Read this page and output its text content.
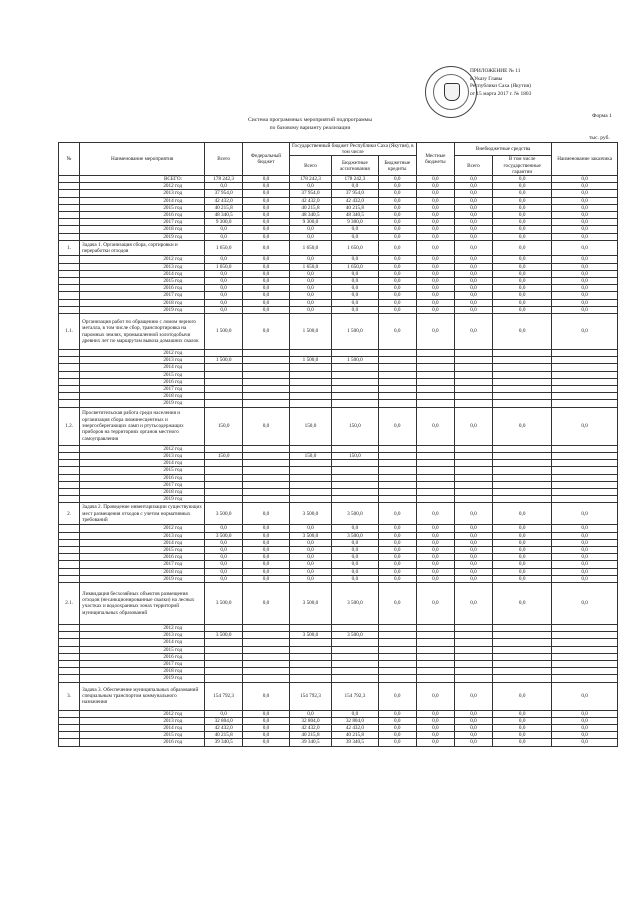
ПРИЛОЖЕНИЕ № 11
к Указу Главы
Республики Саха (Якутия)
от 15 марта 2017 г. № 1803
Форма 1
Система программных мероприятий подпрограммы
по базовому варианту реализации
тыс. руб.
№	Наименование мероприятия	Всего	Федеральный бюджет	Государственный бюджет Республики Саха (Якутия), в том числе			Местные бюджеты	Внебюджетные средства		Наименование заказчика
				Всего	Бюджетные ассигнования	Бюджетные кредиты		Всего	В том числе государственные гарантии	
	ВСЕГО:	178 242,3	0,0	178 242,3	178 242,3	0,0	0,0	0,0	0,0	0,0
	2012 год	0,0	0,0	0,0	0,0	0,0	0,0	0,0	0,0	0,0
	2013 год	37 954,0	0,0	37 954,0	37 954,0	0,0	0,0	0,0	0,0	0,0
	2014 год	42 432,0	0,0	42 432,0	42 432,0	0,0	0,0	0,0	0,0	0,0
	2015 год	40 215,8	0,0	40 215,8	40 215,8	0,0	0,0	0,0	0,0	0,0
	2016 год	48 340,5	0,0	48 340,5	48 340,5	0,0	0,0	0,0	0,0	0,0
	2017 год	9 300,0	0,0	9 300,0	9 300,0	0,0	0,0	0,0	0,0	0,0
	2018 год	0,0	0,0	0,0	0,0	0,0	0,0	0,0	0,0	0,0
	2019 год	0,0	0,0	0,0	0,0	0,0	0,0	0,0	0,0	0,0
1.	Задача 1. Организация сбора, сортировки и переработки отходов	1 650,0	0,0	1 650,0	1 650,0	0,0	0,0	0,0	0,0	0,0
	2012 год	0,0	0,0	0,0	0,0	0,0	0,0	0,0	0,0	0,0
	2013 год	1 650,0	0,0	1 650,0	1 650,0	0,0	0,0	0,0	0,0	0,0
	2014 год	0,0	0,0	0,0	0,0	0,0	0,0	0,0	0,0	0,0
	2015 год	0,0	0,0	0,0	0,0	0,0	0,0	0,0	0,0	0,0
	2016 год	0,0	0,0	0,0	0,0	0,0	0,0	0,0	0,0	0,0
	2017 год	0,0	0,0	0,0	0,0	0,0	0,0	0,0	0,0	0,0
	2018 год	0,0	0,0	0,0	0,0	0,0	0,0	0,0	0,0	0,0
	2019 год	0,0	0,0	0,0	0,0	0,0	0,0	0,0	0,0	0,0
1.1.	Организация работ по обращению с ломом черного металла, в том числе сбор, транспортировка на паромных землях, промышленной золотодобычи древних лет по маршрутам вывоза домашних свалок	1 500,0	0,0	1 500,0	1 500,0	0,0	0,0	0,0	0,0	0,0
	2012 год									
	2013 год	1 500,0		1 500,0	1 500,0					
	2014 год									
	2015 год									
	2016 год									
	2017 год									
	2018 год									
	2019 год									
1.2.	Просветительская работа среди населения и организация сбора люминесцентных и энергосберегающих ламп и ртутьсодержащих приборов на территориях органов местного самоуправления	150,0	0,0	150,0	150,0	0,0	0,0	0,0	0,0	0,0
	2012 год									
	2013 год	150,0		150,0	150,0					
	2014 год									
	2015 год									
	2016 год									
	2017 год									
	2018 год									
	2019 год									
2.	Задача 2. Проведение инвентаризации существующих мест размещения отходов с учетом нормативных требований	3 500,0	0,0	3 500,0	3 500,0	0,0	0,0	0,0	0,0	0,0
	2012 год	0,0	0,0	0,0	0,0	0,0	0,0	0,0	0,0	0,0
	2013 год	3 500,0	0,0	3 500,0	3 500,0	0,0	0,0	0,0	0,0	0,0
	2014 год	0,0	0,0	0,0	0,0	0,0	0,0	0,0	0,0	0,0
	2015 год	0,0	0,0	0,0	0,0	0,0	0,0	0,0	0,0	0,0
	2016 год	0,0	0,0	0,0	0,0	0,0	0,0	0,0	0,0	0,0
	2017 год	0,0	0,0	0,0	0,0	0,0	0,0	0,0	0,0	0,0
	2018 год	0,0	0,0	0,0	0,0	0,0	0,0	0,0	0,0	0,0
	2019 год	0,0	0,0	0,0	0,0	0,0	0,0	0,0	0,0	0,0
2.1.	Ликвидация бесхозяйных объектов размещения отходов (несанкционированные свалки) на лесных участках и водоохранных зонах территорий муниципальных образований	3 500,0	0,0	3 500,0	3 500,0	0,0	0,0	0,0	0,0	0,0
	2012 год									
	2013 год	3 500,0		3 500,0	3 500,0					
	2014 год									
	2015 год									
	2016 год									
	2017 год									
	2018 год									
	2019 год									
3.	Задача 3. Обеспечение муниципальных образований специальным транспортом коммунального назначения	154 792,3	0,0	154 792,3	154 792,3	0,0	0,0	0,0	0,0	0,0
	2012 год	0,0	0,0	0,0	0,0	0,0	0,0	0,0	0,0	0,0
	2013 год	32 804,0	0,0	32 804,0	32 804,0	0,0	0,0	0,0	0,0	0,0
	2014 год	42 432,0	0,0	42 432,0	42 432,0	0,0	0,0	0,0	0,0	0,0
	2015 год	40 215,8	0,0	40 215,8	40 215,8	0,0	0,0	0,0	0,0	0,0
	2016 год	39 340,5	0,0	39 340,5	39 340,5	0,0	0,0	0,0	0,0	0,0
